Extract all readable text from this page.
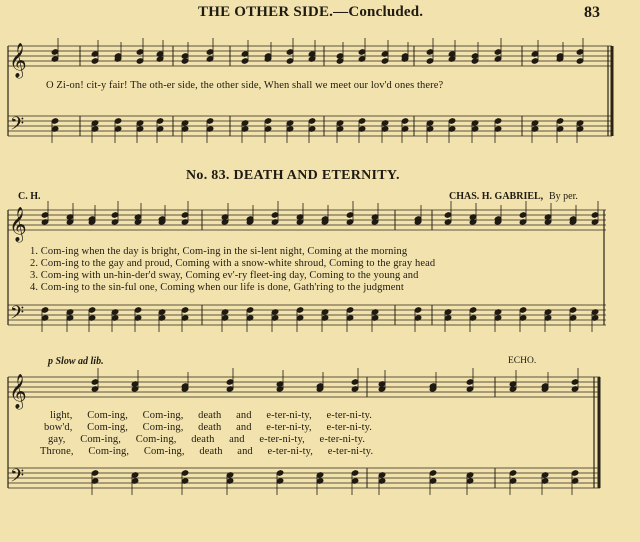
𝄞
𝄢
𝄞
𝄢
𝄞
𝄢
THE OTHER SIDE.—Concluded.	83
O Zi-on! cit-y fair! The oth-er side, the other side, When shall we meet our lov'd ones there?
No. 83. DEATH AND ETERNITY.
C. H.	CHAS. H. GABRIEL, By per.
1. Com-ing when the day is bright, Com-ing in the si-lent night, Coming at the morning
2. Com-ing to the gay and proud, Coming with a snow-white shroud, Coming to the gray head
3. Com-ing with un-hin-der'd sway, Coming ev'-ry fleet-ing day, Coming to the young and
4. Com-ing to the sin-ful one, Coming when our life is done, Gath'ring to the judgment
p Slow ad lib.	ECHO.
light, Com-ing, Com-ing, death and e-ter-ni-ty, e-ter-ni-ty.
bow'd, Com-ing, Com-ing, death and e-ter-ni-ty, e-ter-ni-ty.
gay, Com-ing, Com-ing, death and e-ter-ni-ty, e-ter-ni-ty.
Throne, Com-ing, Com-ing, death and e-ter-ni-ty, e-ter-ni-ty.
